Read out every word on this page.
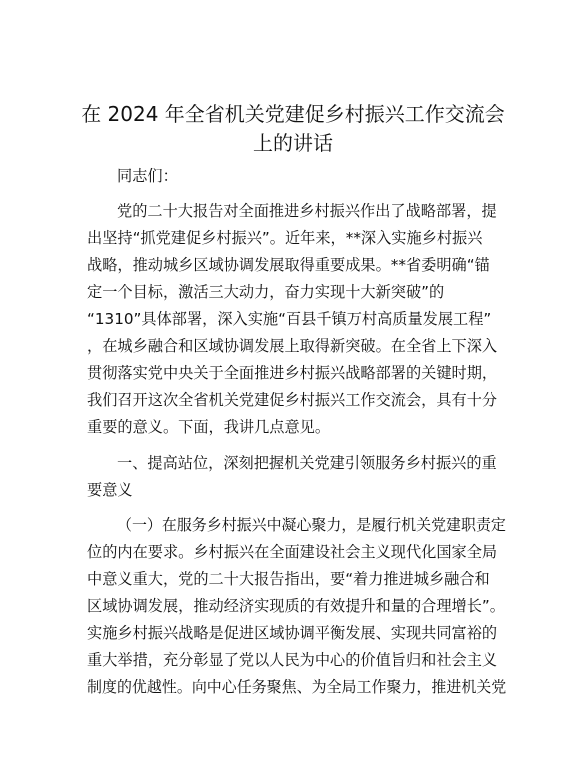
在 2024 年全省机关党建促乡村振兴工作交流会
上的讲话
同志们：
党的二十大报告对全面推进乡村振兴作出了战略部署，提
出坚持“抓党建促乡村振兴”。近年来，**深入实施乡村振兴
战略，推动城乡区域协调发展取得重要成果。**省委明确“锚
定一个目标，激活三大动力，奋力实现十大新突破”的
“1310”具体部署，深入实施“百县千镇万村高质量发展工程”
，在城乡融合和区域协调发展上取得新突破。在全省上下深入
贯彻落实党中央关于全面推进乡村振兴战略部署的关键时期，
我们召开这次全省机关党建促乡村振兴工作交流会，具有十分
重要的意义。下面，我讲几点意见。
一、提高站位，深刻把握机关党建引领服务乡村振兴的重
要意义
（一）在服务乡村振兴中凝心聚力，是履行机关党建职责定
位的内在要求。乡村振兴在全面建设社会主义现代化国家全局
中意义重大，党的二十大报告指出，要“着力推进城乡融合和
区域协调发展，推动经济实现质的有效提升和量的合理增长”。
实施乡村振兴战略是促进区域协调平衡发展、实现共同富裕的
重大举措，充分彰显了党以人民为中心的价值旨归和社会主义
制度的优越性。向中心任务聚焦、为全局工作聚力，推进机关党
